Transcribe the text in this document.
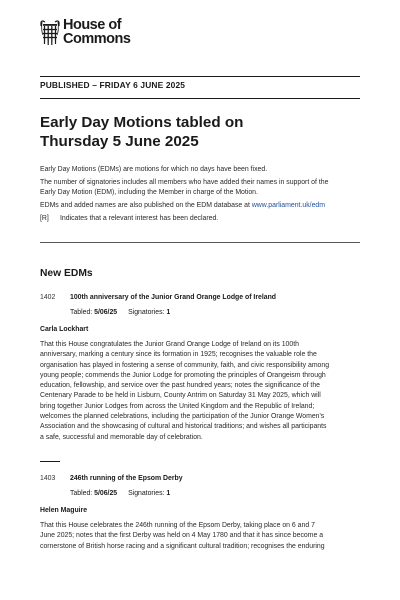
House of
Commons
PUBLISHED – FRIDAY 6 JUNE 2025
Early Day Motions tabled on
Thursday 5 June 2025

Early Day Motions (EDMs) are motions for which no days have been fixed.

The number of signatories includes all members who have added their names in support of the
Early Day Motion (EDM), including the Member in charge of the Motion.

EDMs and added names are also published on the EDM database at www.parliament.uk/edm

[R] Indicates that a relevant interest has been declared.

New EDMs
1402 100th anniversary of the Junior Grand Orange Lodge of Ireland
Tabled: 5/06/25 Signatories: 1
Carla Lockhart
That this House congratulates the Junior Grand Orange Lodge of Ireland on its 100th
anniversary, marking a century since its formation in 1925; recognises the valuable role the
organisation has played in fostering a sense of community, faith, and civic responsibility among
young people; commends the Junior Lodge for promoting the principles of Orangeism through
education, fellowship, and service over the past hundred years; notes the significance of the
Centenary Parade to be held in Lisburn, County Antrim on Saturday 31 May 2025, which will
bring together Junior Lodges from across the United Kingdom and the Republic of Ireland;
welcomes the planned celebrations, including the participation of the Junior Orange Women's
Association and the showcasing of cultural and historical traditions; and wishes all participants
a safe, successful and memorable day of celebration.
1403 246th running of the Epsom Derby
Tabled: 5/06/25 Signatories: 1
Helen Maguire
That this House celebrates the 246th running of the Epsom Derby, taking place on 6 and 7
June 2025; notes that the first Derby was held on 4 May 1780 and that it has since become a
cornerstone of British horse racing and a significant cultural tradition; recognises the enduring
